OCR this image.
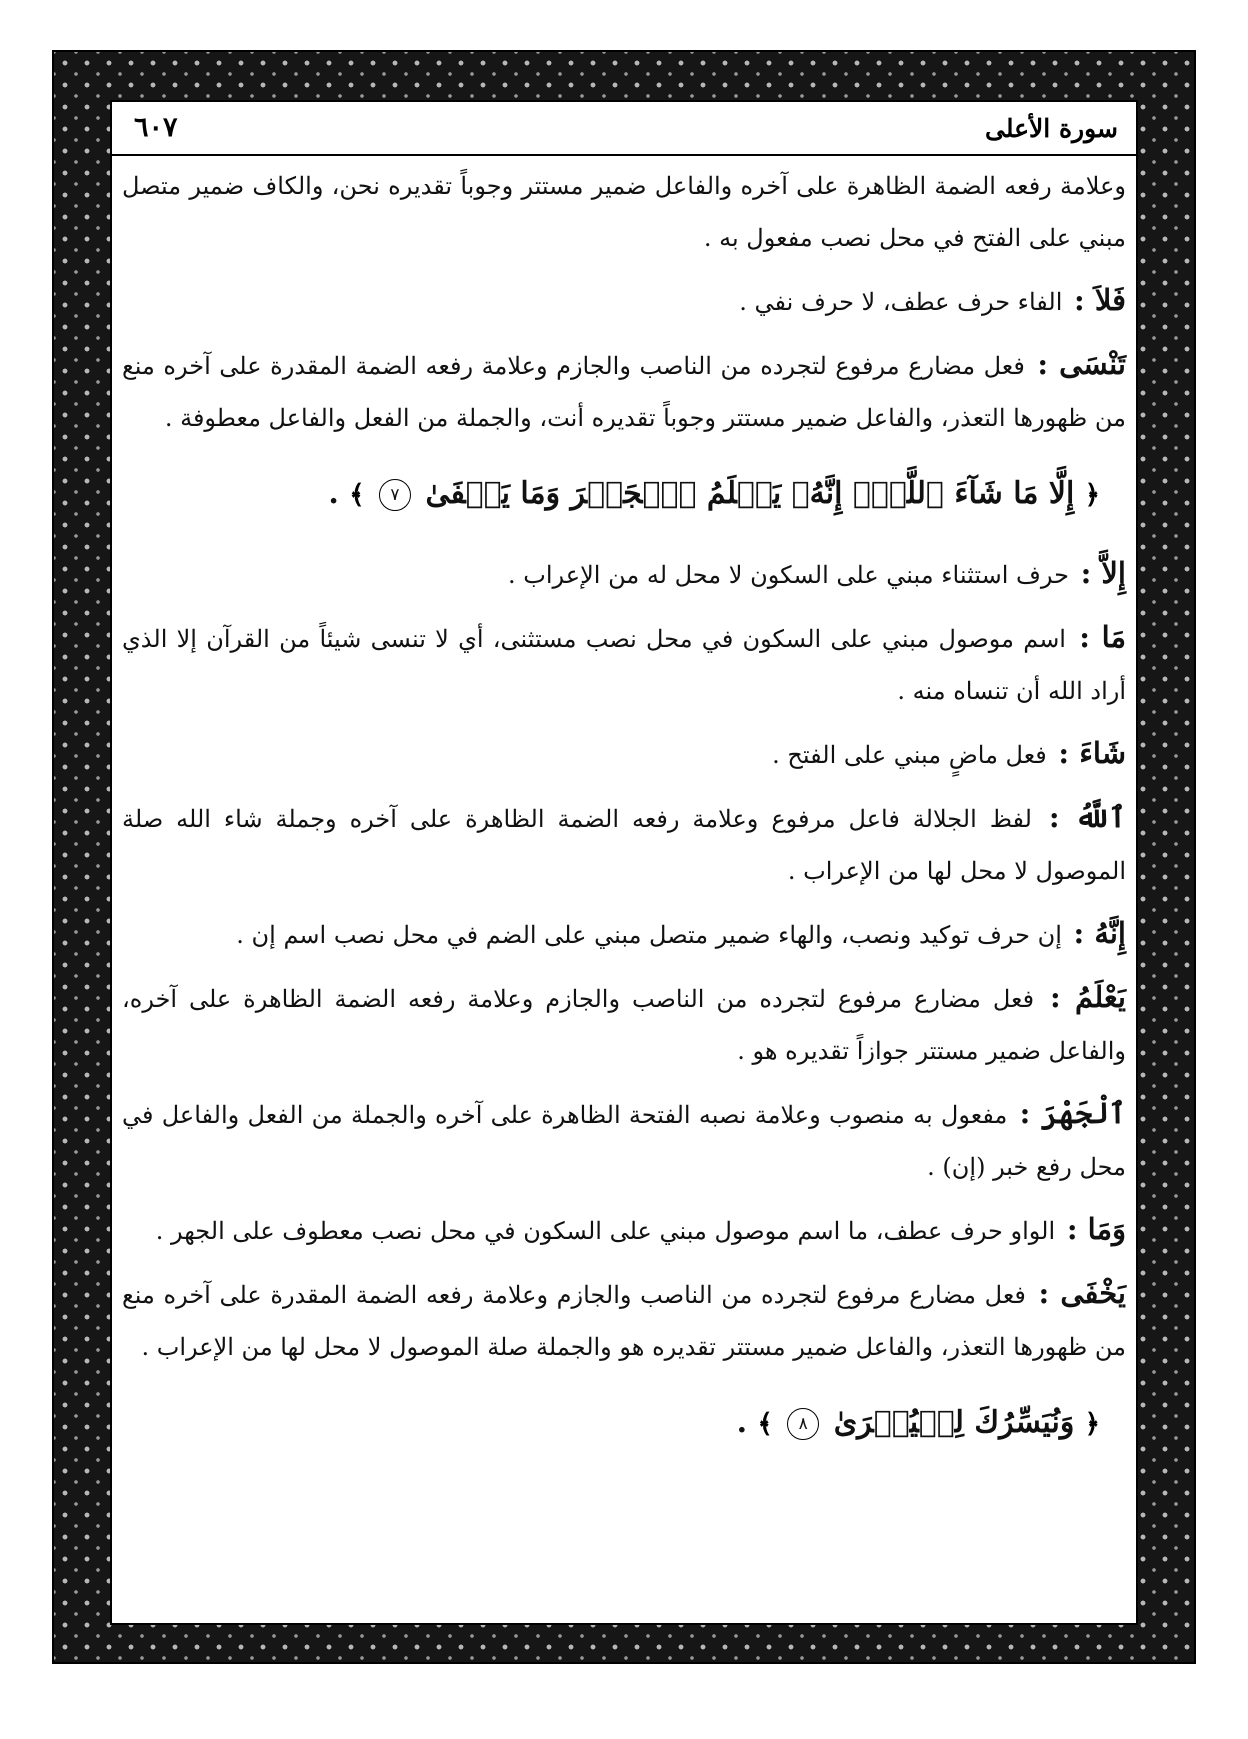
سورة الأعلى
٦٠٧

وعلامة رفعه الضمة الظاهرة على آخره والفاعل ضمير مستتر وجوباً تقديره نحن، والكاف ضمير متصل مبني على الفتح في محل نصب مفعول به .

فَلاَ : الفاء حرف عطف، لا حرف نفي .

تَنْسَى : فعل مضارع مرفوع لتجرده من الناصب والجازم وعلامة رفعه الضمة المقدرة على آخره منع من ظهورها التعذر، والفاعل ضمير مستتر وجوباً تقديره أنت، والجملة من الفعل والفاعل معطوفة .

﴿ إِلَّا مَا شَآءَ ٱللَّهُۚ إِنَّهُۥ يَعۡلَمُ ٱلۡجَهۡرَ وَمَا يَخۡفَىٰ ٧ ﴾ .

إِلاَّ : حرف استثناء مبني على السكون لا محل له من الإعراب .

مَا : اسم موصول مبني على السكون في محل نصب مستثنى، أي لا تنسى شيئاً من القرآن إلا الذي أراد الله أن تنساه منه .

شَاءَ : فعل ماضٍ مبني على الفتح .

ٱللَّهُ : لفظ الجلالة فاعل مرفوع وعلامة رفعه الضمة الظاهرة على آخره وجملة شاء الله صلة الموصول لا محل لها من الإعراب .

إِنَّهُ : إن حرف توكيد ونصب، والهاء ضمير متصل مبني على الضم في محل نصب اسم إن .

يَعْلَمُ : فعل مضارع مرفوع لتجرده من الناصب والجازم وعلامة رفعه الضمة الظاهرة على آخره، والفاعل ضمير مستتر جوازاً تقديره هو .

ٱلْجَهْرَ : مفعول به منصوب وعلامة نصبه الفتحة الظاهرة على آخره والجملة من الفعل والفاعل في محل رفع خبر (إن) .

وَمَا : الواو حرف عطف، ما اسم موصول مبني على السكون في محل نصب معطوف على الجهر .

يَخْفَى : فعل مضارع مرفوع لتجرده من الناصب والجازم وعلامة رفعه الضمة المقدرة على آخره منع من ظهورها التعذر، والفاعل ضمير مستتر تقديره هو والجملة صلة الموصول لا محل لها من الإعراب .

﴿ وَنُيَسِّرُكَ لِلۡيُسۡرَىٰ ٨ ﴾ .
